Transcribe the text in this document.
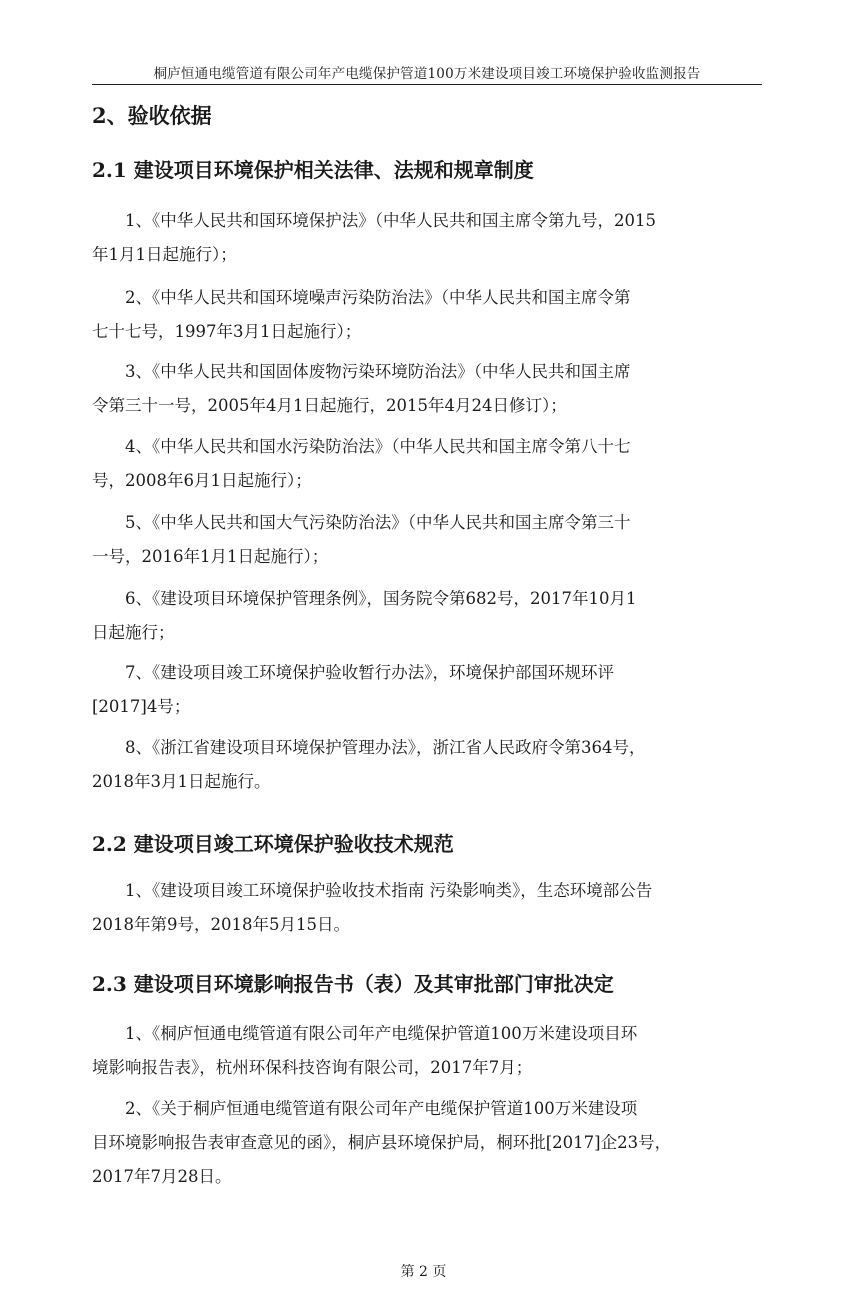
桐庐恒通电缆管道有限公司年产电缆保护管道100万米建设项目竣工环境保护验收监测报告
2、验收依据
2.1 建设项目环境保护相关法律、法规和规章制度
1、《中华人民共和国环境保护法》（中华人民共和国主席令第九号，2015
年1月1日起施行）；
2、《中华人民共和国环境噪声污染防治法》（中华人民共和国主席令第
七十七号，1997年3月1日起施行）；
3、《中华人民共和国固体废物污染环境防治法》（中华人民共和国主席
令第三十一号，2005年4月1日起施行，2015年4月24日修订）；
4、《中华人民共和国水污染防治法》（中华人民共和国主席令第八十七
号，2008年6月1日起施行）；
5、《中华人民共和国大气污染防治法》（中华人民共和国主席令第三十
一号，2016年1月1日起施行）；
6、《建设项目环境保护管理条例》，国务院令第682号，2017年10月1
日起施行；
7、《建设项目竣工环境保护验收暂行办法》，环境保护部国环规环评
[2017]4号；
8、《浙江省建设项目环境保护管理办法》，浙江省人民政府令第364号，
2018年3月1日起施行。
2.2 建设项目竣工环境保护验收技术规范
1、《建设项目竣工环境保护验收技术指南 污染影响类》，生态环境部公告
2018年第9号，2018年5月15日。
2.3 建设项目环境影响报告书（表）及其审批部门审批决定
1、《桐庐恒通电缆管道有限公司年产电缆保护管道100万米建设项目环
境影响报告表》，杭州环保科技咨询有限公司，2017年7月；
2、《关于桐庐恒通电缆管道有限公司年产电缆保护管道100万米建设项
目环境影响报告表审查意见的函》，桐庐县环境保护局，桐环批[2017]企23号，
2017年7月28日。
第 2 页
